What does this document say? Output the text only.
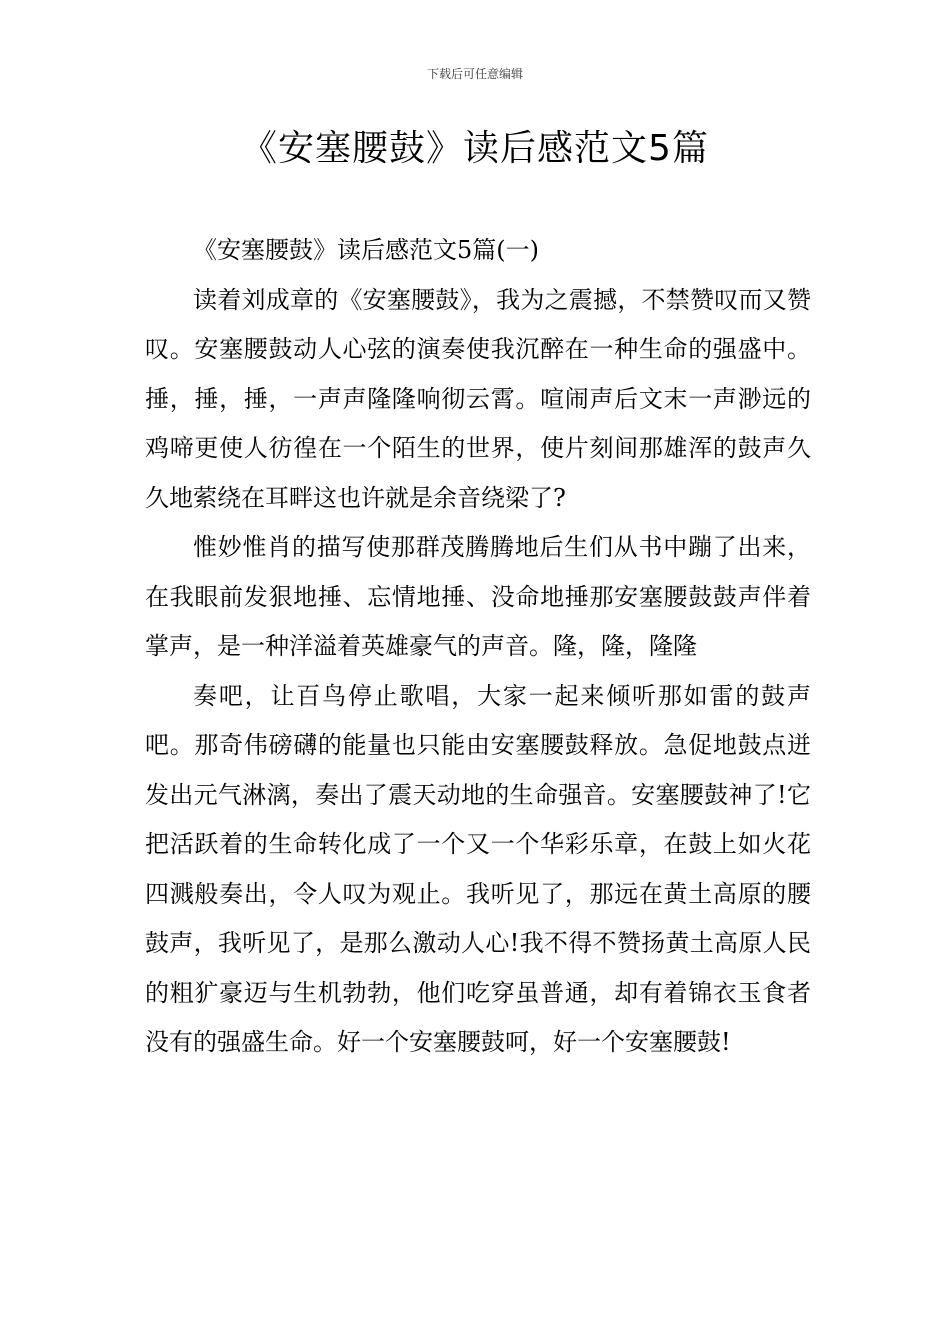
下载后可任意编辑
《安塞腰鼓》读后感范文5篇

《安塞腰鼓》读后感范文5篇(一)

读着刘成章的《安塞腰鼓》，我为之震撼，不禁赞叹而又赞叹。安塞腰鼓动人心弦的演奏使我沉醉在一种生命的强盛中。捶，捶，捶，一声声隆隆响彻云霄。喧闹声后文末一声渺远的鸡啼更使人彷徨在一个陌生的世界，使片刻间那雄浑的鼓声久久地萦绕在耳畔这也许就是余音绕梁了?

惟妙惟肖的描写使那群茂腾腾地后生们从书中蹦了出来，在我眼前发狠地捶、忘情地捶、没命地捶那安塞腰鼓鼓声伴着掌声，是一种洋溢着英雄豪气的声音。隆，隆，隆隆

奏吧，让百鸟停止歌唱，大家一起来倾听那如雷的鼓声吧。那奇伟磅礴的能量也只能由安塞腰鼓释放。急促地鼓点迸发出元气淋漓，奏出了震天动地的生命强音。安塞腰鼓神了!它把活跃着的生命转化成了一个又一个华彩乐章，在鼓上如火花四溅般奏出，令人叹为观止。我听见了，那远在黄土高原的腰鼓声，我听见了，是那么激动人心!我不得不赞扬黄土高原人民的粗犷豪迈与生机勃勃，他们吃穿虽普通，却有着锦衣玉食者没有的强盛生命。好一个安塞腰鼓呵，好一个安塞腰鼓!
